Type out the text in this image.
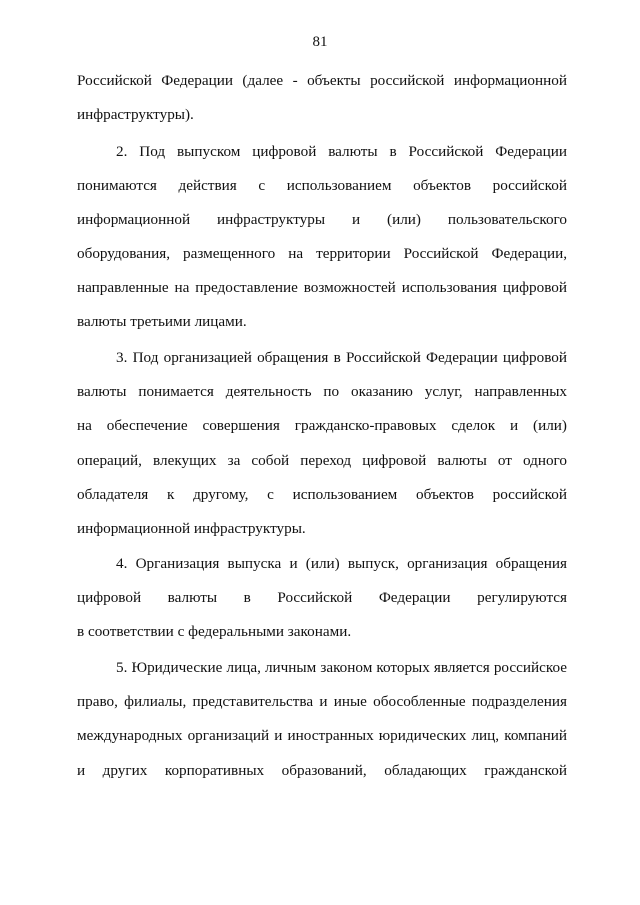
81
Российской Федерации (далее - объекты российской информационной
инфраструктуры).
2. Под выпуском цифровой валюты в Российской Федерации
понимаются действия с использованием объектов российской
информационной инфраструктуры и (или) пользовательского
оборудования, размещенного на территории Российской Федерации,
направленные на предоставление возможностей использования цифровой
валюты третьими лицами.
3. Под организацией обращения в Российской Федерации цифровой
валюты понимается деятельность по оказанию услуг, направленных
на обеспечение совершения гражданско-правовых сделок и (или)
операций, влекущих за собой переход цифровой валюты от одного
обладателя к другому, с использованием объектов российской
информационной инфраструктуры.
4. Организация выпуска и (или) выпуск, организация обращения
цифровой валюты в Российской Федерации регулируются
в соответствии с федеральными законами.
5. Юридические лица, личным законом которых является российское
право, филиалы, представительства и иные обособленные подразделения
международных организаций и иностранных юридических лиц, компаний
и других корпоративных образований, обладающих гражданской
